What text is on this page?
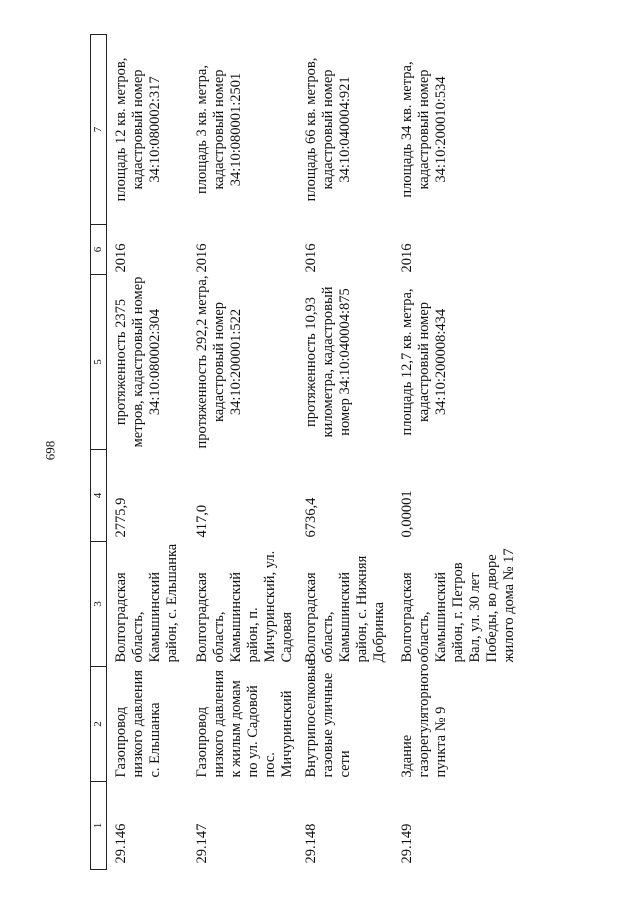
698
1	2	3	4	5	6	7
29.146	Газопровод низкого давления с. Ельшанка	Волгоградская область, Камышинский район, с. Ельшанка	2775,9	протяженность 2375 метров, кадастровый номер 34:10:080002:304	2016	площадь 12 кв. метров, кадастровый номер 34:10:080002:317
29.147	Газопровод низкого давления к жилым домам по ул. Садовой пос. Мичуринский	Волгоградская область, Камышинский район, п. Мичуринский, ул. Садовая	417,0	протяженность 292,2 метра, кадастровый номер 34:10:200001:522	2016	площадь 3 кв. метра, кадастровый номер 34:10:080001:2501
29.148	Внутрипоселковые газовые уличные сети	Волгоградская область, Камышинский район, с. Нижняя Добринка	6736,4	протяженность 10,93 километра, кадастровый номер 34:10:040004:875	2016	площадь 66 кв. метров, кадастровый номер 34:10:040004:921
29.149	Здание газорегуляторного пункта № 9	Волгоградская область, Камышинский район, г. Петров Вал, ул. 30 лет Победы, во дворе жилого дома № 17	0,00001	площадь 12,7 кв. метра, кадастровый номер 34:10:200008:434	2016	площадь 34 кв. метра, кадастровый номер 34:10:200010:534
